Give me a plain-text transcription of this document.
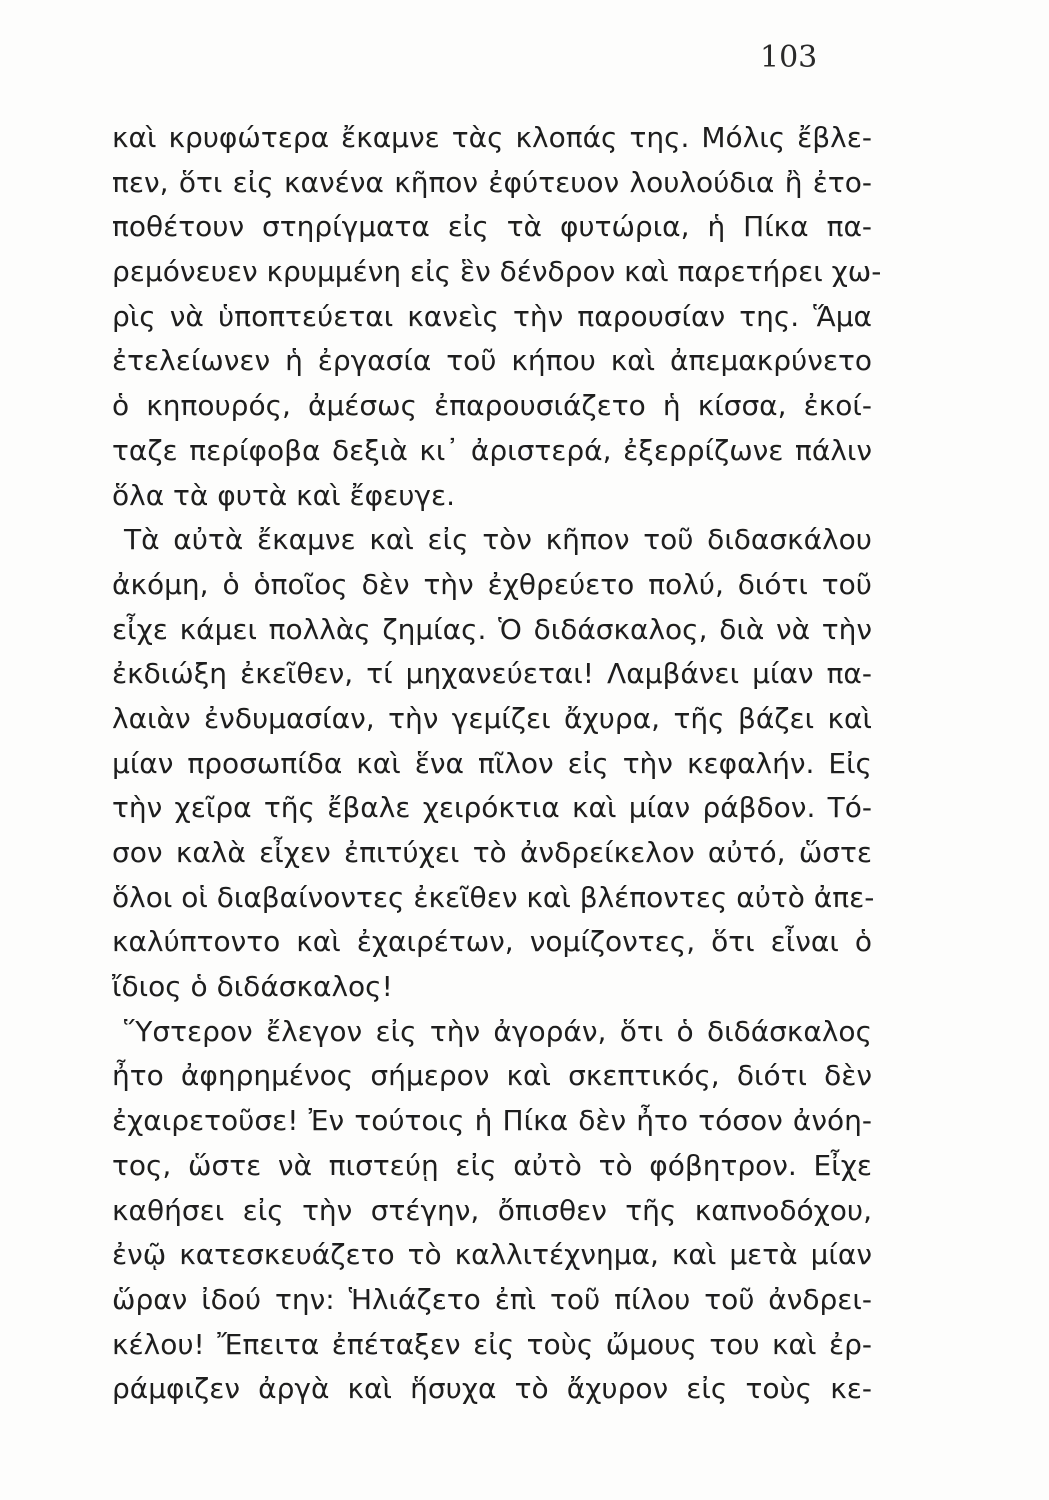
103
καὶ κρυφώτερα ἔκαμνε τὰς κλοπάς της. Μόλις ἔβλε-
πεν, ὅτι εἰς κανένα κῆπον ἐφύτευον λουλούδια ἢ ἐτο-
ποθέτουν στηρίγματα εἰς τὰ φυτώρια, ἡ Πίκα πα-
ρεμόνευεν κρυμμένη εἰς ἓν δένδρον καὶ παρετήρει χω-
ρὶς νὰ ὑποπτεύεται κανεὶς τὴν παρουσίαν της. Ἅμα
ἐτελείωνεν ἡ ἐργασία τοῦ κήπου καὶ ἀπεμακρύνετο
ὁ κηπουρός, ἀμέσως ἐπαρουσιάζετο ἡ κίσσα, ἐκοί-
ταζε περίφοβα δεξιὰ κι᾽ ἀριστερά, ἐξερρίζωνε πάλιν
ὅλα τὰ φυτὰ καὶ ἔφευγε.
Τὰ αὐτὰ ἔκαμνε καὶ εἰς τὸν κῆπον τοῦ διδασκάλου
ἀκόμη, ὁ ὁποῖος δὲν τὴν ἐχθρεύετο πολύ, διότι τοῦ
εἶχε κάμει πολλὰς ζημίας. Ὁ διδάσκαλος, διὰ νὰ τὴν
ἐκδιώξη ἐκεῖθεν, τί μηχανεύεται! Λαμβάνει μίαν πα-
λαιὰν ἐνδυμασίαν, τὴν γεμίζει ἄχυρα, τῆς βάζει καὶ
μίαν προσωπίδα καὶ ἕνα πῖλον εἰς τὴν κεφαλήν. Εἰς
τὴν χεῖρα τῆς ἔβαλε χειρόκτια καὶ μίαν ράβδον. Τό-
σον καλὰ εἶχεν ἐπιτύχει τὸ ἀνδρείκελον αὐτό, ὥστε
ὅλοι οἱ διαβαίνοντες ἐκεῖθεν καὶ βλέποντες αὐτὸ ἀπε-
καλύπτοντο καὶ ἐχαιρέτων, νομίζοντες, ὅτι εἶναι ὁ
ἴδιος ὁ διδάσκαλος!
Ὕστερον ἔλεγον εἰς τὴν ἀγοράν, ὅτι ὁ διδάσκαλος
ἦτο ἀφηρημένος σήμερον καὶ σκεπτικός, διότι δὲν
ἐχαιρετοῦσε! Ἐν τούτοις ἡ Πίκα δὲν ἦτο τόσον ἀνόη-
τος, ὥστε νὰ πιστεύῃ εἰς αὐτὸ τὸ φόβητρον. Εἶχε
καθήσει εἰς τὴν στέγην, ὄπισθεν τῆς καπνοδόχου,
ἐνῷ κατεσκευάζετο τὸ καλλιτέχνημα, καὶ μετὰ μίαν
ὥραν ἰδού την: Ἡλιάζετο ἐπὶ τοῦ πίλου τοῦ ἀνδρει-
κέλου! Ἔπειτα ἐπέταξεν εἰς τοὺς ὤμους του καὶ ἐρ-
ράμφιζεν ἀργὰ καὶ ἥσυχα τὸ ἄχυρον εἰς τοὺς κε-
